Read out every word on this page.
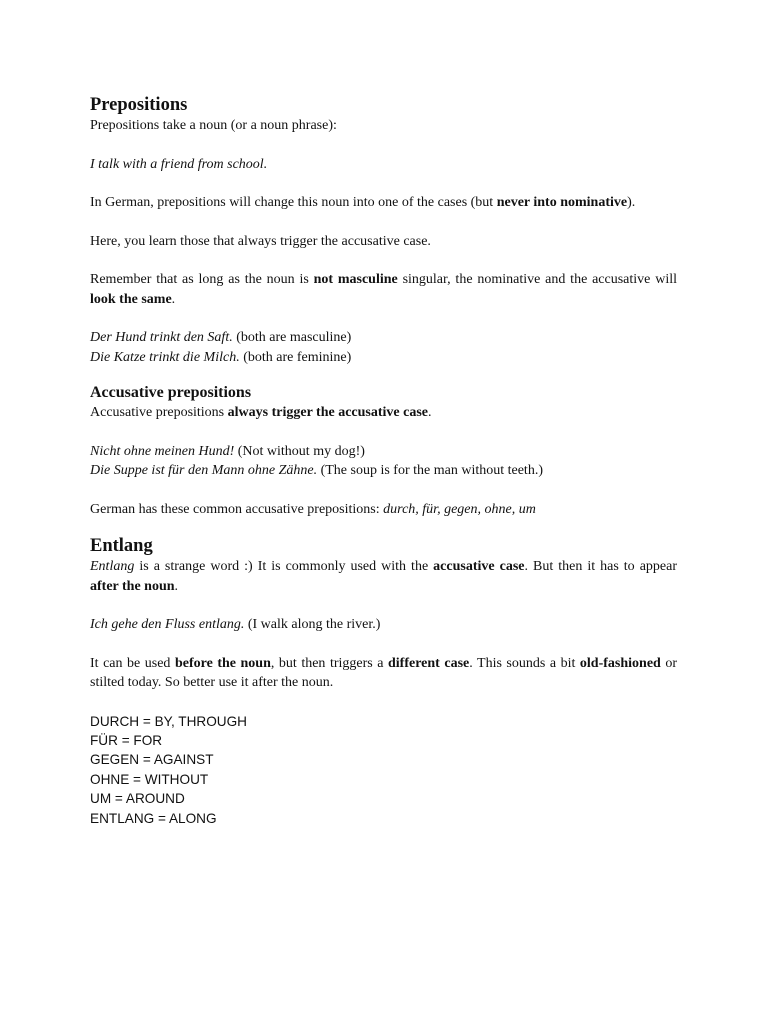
Prepositions

Prepositions take a noun (or a noun phrase):

I talk with a friend from school.

In German, prepositions will change this noun into one of the cases (but never into nominative).

Here, you learn those that always trigger the accusative case.

Remember that as long as the noun is not masculine singular, the nominative and the accusative will look the same.

Der Hund trinkt den Saft. (both are masculine)

Die Katze trinkt die Milch. (both are feminine)

Accusative prepositions

Accusative prepositions always trigger the accusative case.

Nicht ohne meinen Hund! (Not without my dog!)

Die Suppe ist für den Mann ohne Zähne. (The soup is for the man without teeth.)

German has these common accusative prepositions: durch, für, gegen, ohne, um

Entlang

Entlang is a strange word :) It is commonly used with the accusative case. But then it has to appear after the noun.

Ich gehe den Fluss entlang. (I walk along the river.)

It can be used before the noun, but then triggers a different case. This sounds a bit old-fashioned or stilted today. So better use it after the noun.

DURCH = BY, THROUGH
FÜR = FOR
GEGEN = AGAINST
OHNE = WITHOUT
UM = AROUND
ENTLANG = ALONG
